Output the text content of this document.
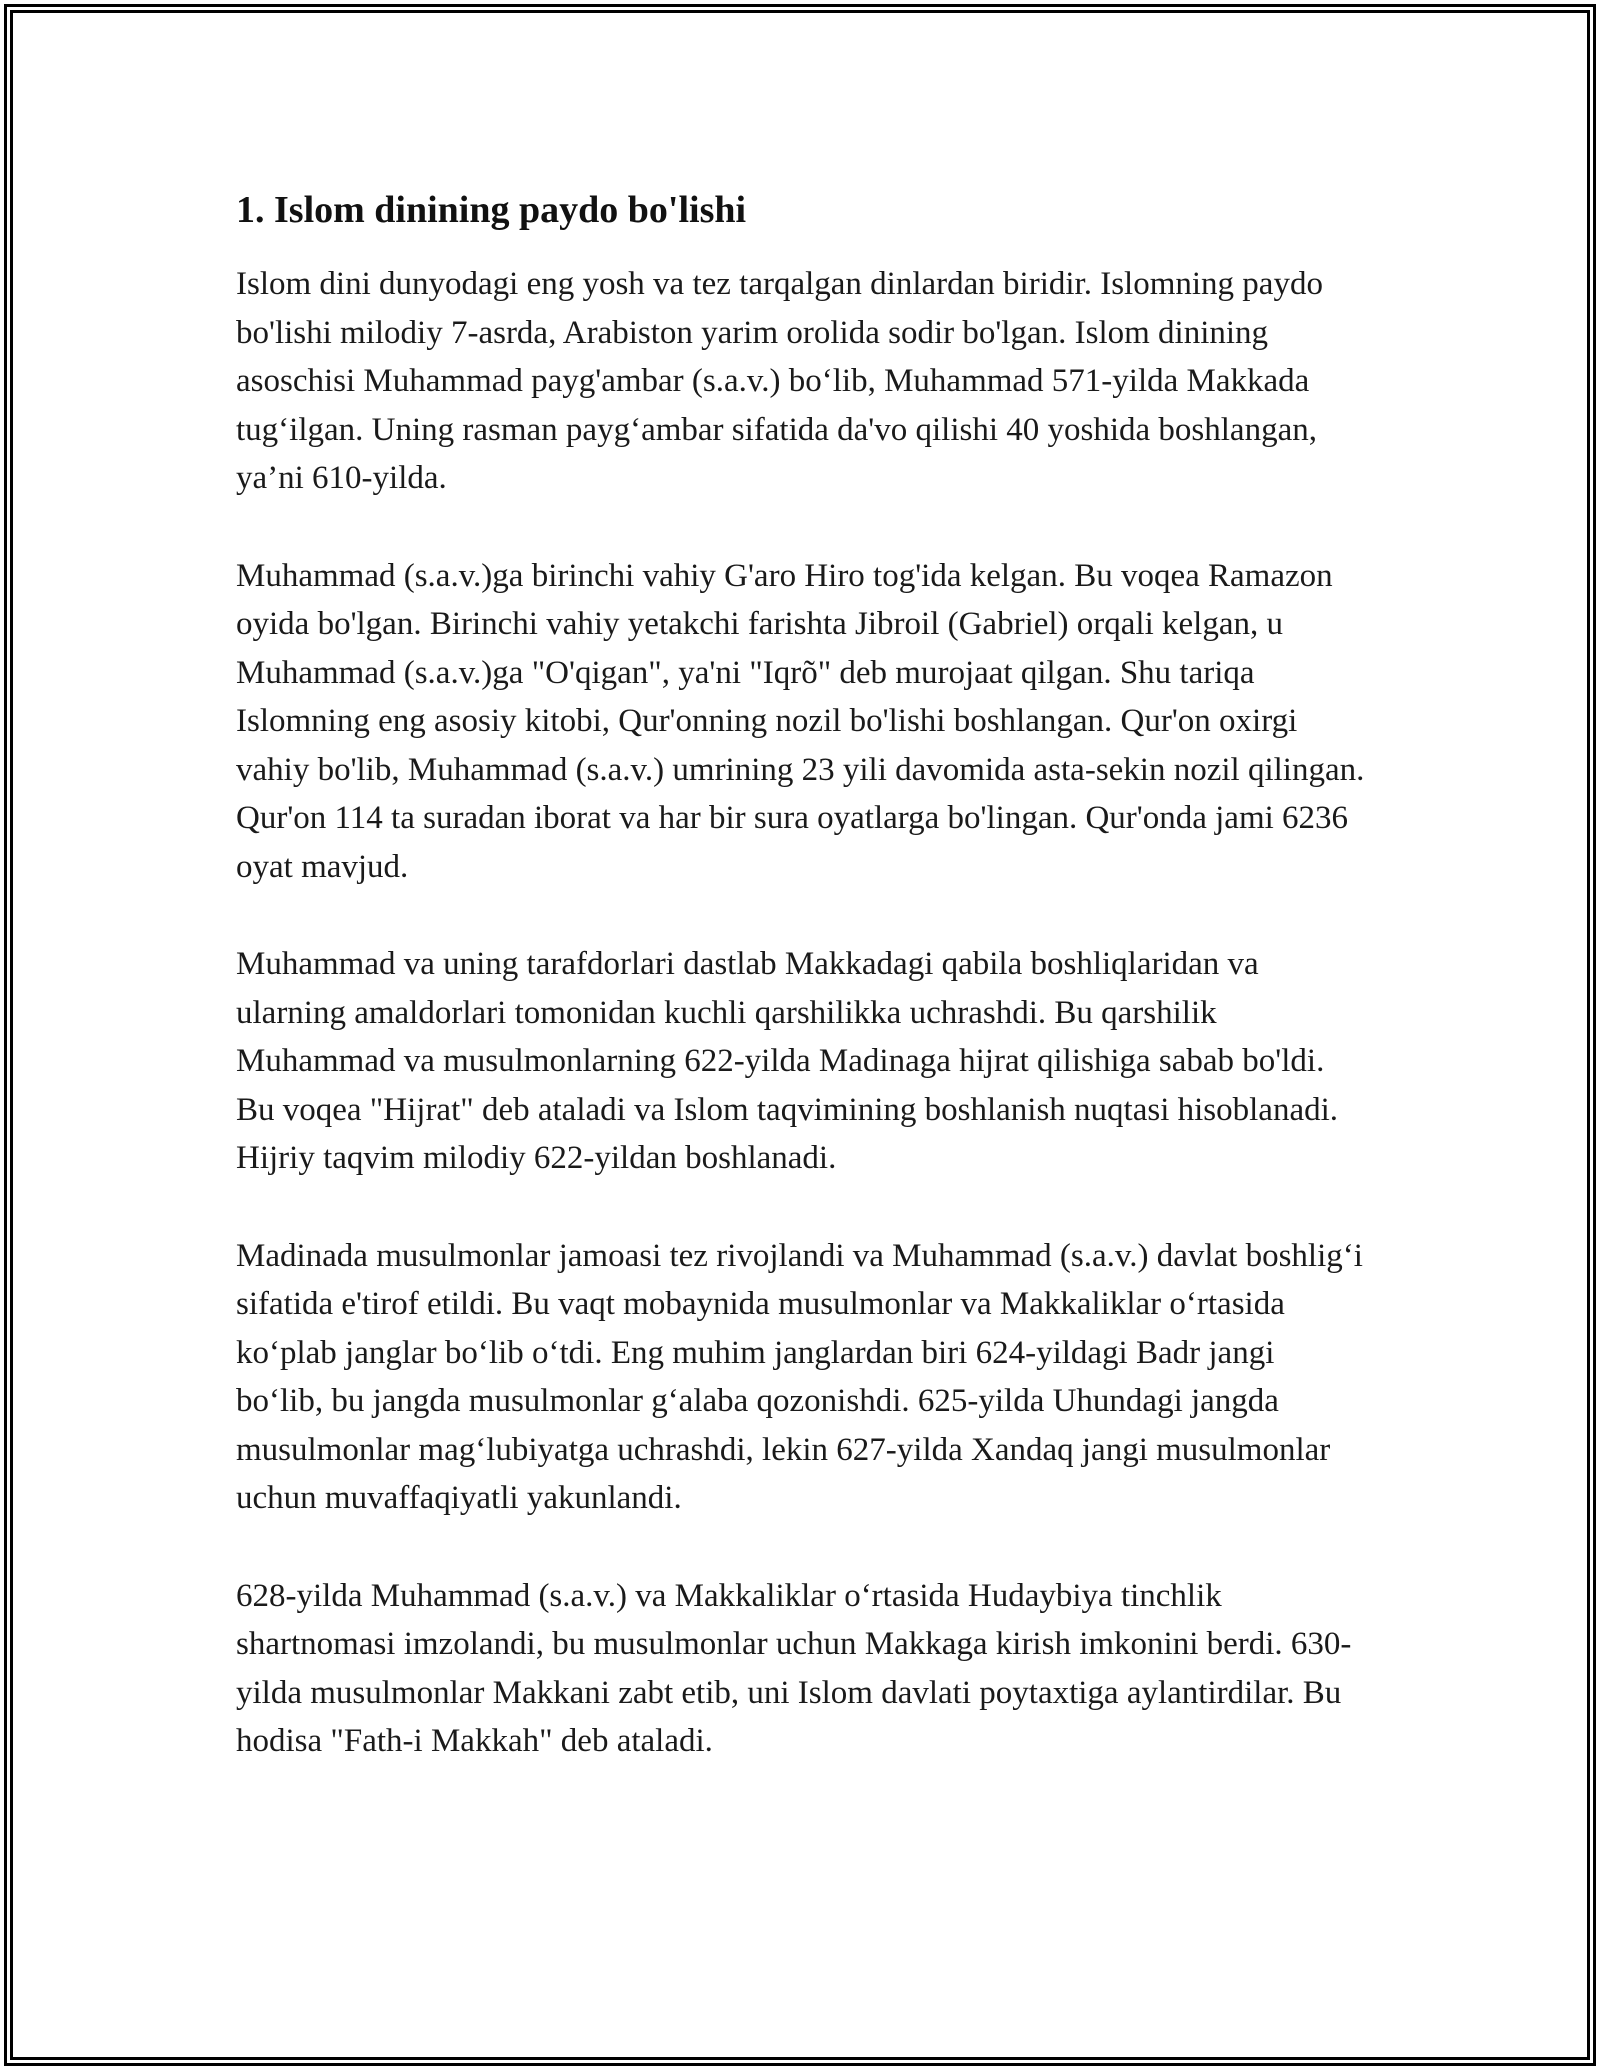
1. Islom dinining paydo bo'lishi

Islom dini dunyodagi eng yosh va tez tarqalgan dinlardan biridir. Islomning paydo bo'lishi milodiy 7-asrda, Arabiston yarim orolida sodir bo'lgan. Islom dinining asoschisi Muhammad payg'ambar (s.a.v.) bo‘lib, Muhammad 571-yilda Makkada tug‘ilgan. Uning rasman payg‘ambar sifatida da'vo qilishi 40 yoshida boshlangan, ya’ni 610-yilda.

Muhammad (s.a.v.)ga birinchi vahiy G'aro Hiro tog'ida kelgan. Bu voqea Ramazon oyida bo'lgan. Birinchi vahiy yetakchi farishta Jibroil (Gabriel) orqali kelgan, u Muhammad (s.a.v.)ga "O'qigan", ya'ni "Iqrõ" deb murojaat qilgan. Shu tariqa Islomning eng asosiy kitobi, Qur'onning nozil bo'lishi boshlangan. Qur'on oxirgi vahiy bo'lib, Muhammad (s.a.v.) umrining 23 yili davomida asta-sekin nozil qilingan. Qur'on 114 ta suradan iborat va har bir sura oyatlarga bo'lingan. Qur'onda jami 6236 oyat mavjud.

Muhammad va uning tarafdorlari dastlab Makkadagi qabila boshliqlaridan va ularning amaldorlari tomonidan kuchli qarshilikka uchrashdi. Bu qarshilik Muhammad va musulmonlarning 622-yilda Madinaga hijrat qilishiga sabab bo'ldi. Bu voqea "Hijrat" deb ataladi va Islom taqvimining boshlanish nuqtasi hisoblanadi. Hijriy taqvim milodiy 622-yildan boshlanadi.

Madinada musulmonlar jamoasi tez rivojlandi va Muhammad (s.a.v.) davlat boshlig‘i sifatida e'tirof etildi. Bu vaqt mobaynida musulmonlar va Makkaliklar o‘rtasida ko‘plab janglar bo‘lib o‘tdi. Eng muhim janglardan biri 624-yildagi Badr jangi bo‘lib, bu jangda musulmonlar g‘alaba qozonishdi. 625-yilda Uhundagi jangda musulmonlar mag‘lubiyatga uchrashdi, lekin 627-yilda Xandaq jangi musulmonlar uchun muvaffaqiyatli yakunlandi.

628-yilda Muhammad (s.a.v.) va Makkaliklar o‘rtasida Hudaybiya tinchlik shartnomasi imzolandi, bu musulmonlar uchun Makkaga kirish imkonini berdi. 630-yilda musulmonlar Makkani zabt etib, uni Islom davlati poytaxtiga aylantirdilar. Bu hodisa "Fath-i Makkah" deb ataladi.
